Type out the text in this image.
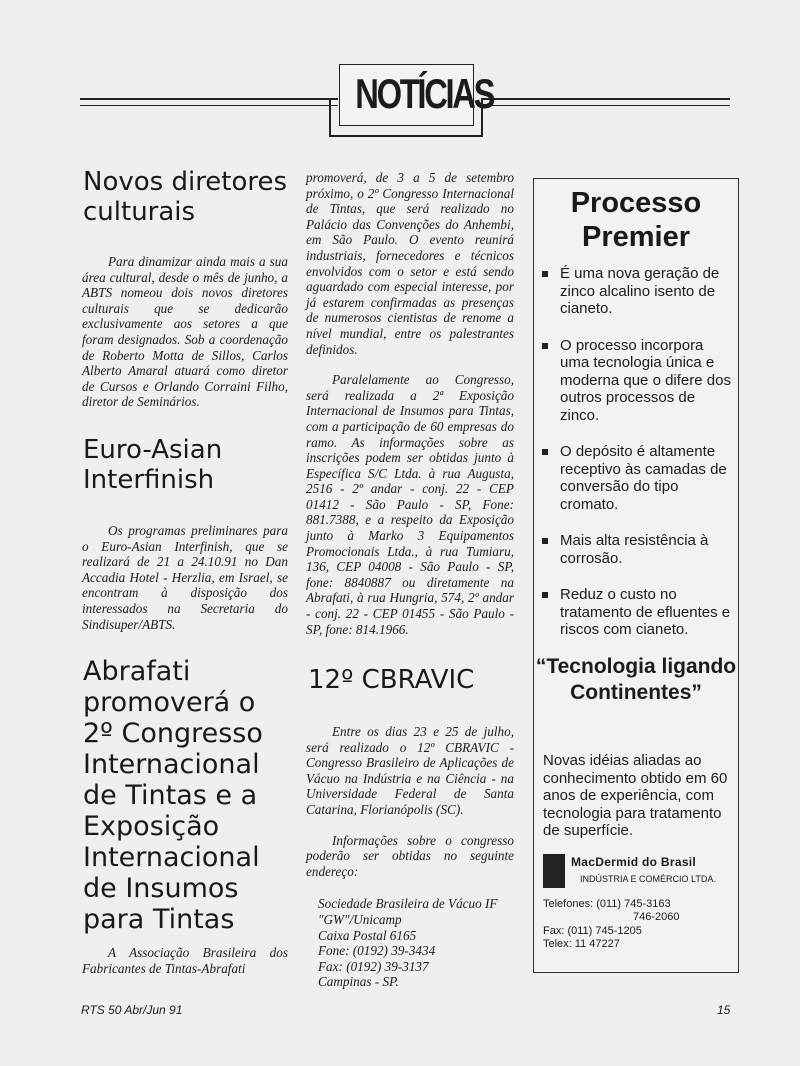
NOTÍCIAS
Novos diretores culturais

Para dinamizar ainda mais a sua área cultural, desde o mês de junho, a ABTS nomeou dois novos diretores culturais que se dedicarão exclusivamente aos setores a que foram designados. Sob a coordenação de Roberto Motta de Sillos, Carlos Alberto Amaral atuará como diretor de Cursos e Orlando Corraini Filho, diretor de Seminários.

Euro-Asian Interfinish

Os programas preliminares para o Euro-Asian Interfinish, que se realizará de 21 a 24.10.91 no Dan Accadia Hotel - Herzlia, em Israel, se encontram à disposição dos interessados na Secretaria do Sindisuper/ABTS.

Abrafati promoverá o 2º Congresso Internacional de Tintas e a Exposição Internacional de Insumos para Tintas

A Associação Brasileira dos Fabricantes de Tintas-Abrafati

promoverá, de 3 a 5 de setembro próximo, o 2º Congresso Internacional de Tintas, que será realizado no Palácio das Convenções do Anhembi, em São Paulo. O evento reunirá industriais, fornecedores e técnicos envolvidos com o setor e está sendo aguardado com especial interesse, por já estarem confirmadas as presenças de numerosos cientistas de renome a nível mundial, entre os palestrantes definidos.

Paralelamente ao Congresso, será realizada a 2ª Exposição Internacional de Insumos para Tintas, com a participação de 60 empresas do ramo. As informações sobre as inscrições podem ser obtidas junto à Específica S/C Ltda. à rua Augusta, 2516 - 2º andar - conj. 22 - CEP 01412 - São Paulo - SP, Fone: 881.7388, e a respeito da Exposição junto à Marko 3 Equipamentos Promocionais Ltda., à rua Tumiaru, 136, CEP 04008 - São Paulo - SP, fone: 8840887 ou diretamente na Abrafati, à rua Hungria, 574, 2º andar - conj. 22 - CEP 01455 - São Paulo - SP, fone: 814.1966.

12º CBRAVIC

Entre os dias 23 e 25 de julho, será realizado o 12º CBRAVIC - Congresso Brasileiro de Aplicações de Vácuo na Indústria e na Ciência - na Universidade Federal de Santa Catarina, Florianópolis (SC).

Informações sobre o congresso poderão ser obtidas no seguinte endereço:

Sociedade Brasileira de Vácuo IF
"GW"/Unicamp
Caixa Postal 6165
Fone: (0192) 39-3434
Fax: (0192) 39-3137
Campinas - SP.
Processo Premier
É uma nova geração de zinco alcalino isento de cianeto.
O processo incorpora uma tecnologia única e moderna que o difere dos outros processos de zinco.
O depósito é altamente receptivo às camadas de conversão do tipo cromato.
Mais alta resistência à corrosão.
Reduz o custo no tratamento de efluentes e riscos com cianeto.
“Tecnologia ligando Continentes”
Novas idéias aliadas ao conhecimento obtido em 60 anos de experiência, com tecnologia para tratamento de superfície.
MacDermid do Brasil
INDÚSTRIA E COMÉRCIO LTDA.
Telefones: (011) 745-3163
746-2060
Fax: (011) 745-1205
Telex: 11 47227
RTS 50 Abr/Jun 91	15
